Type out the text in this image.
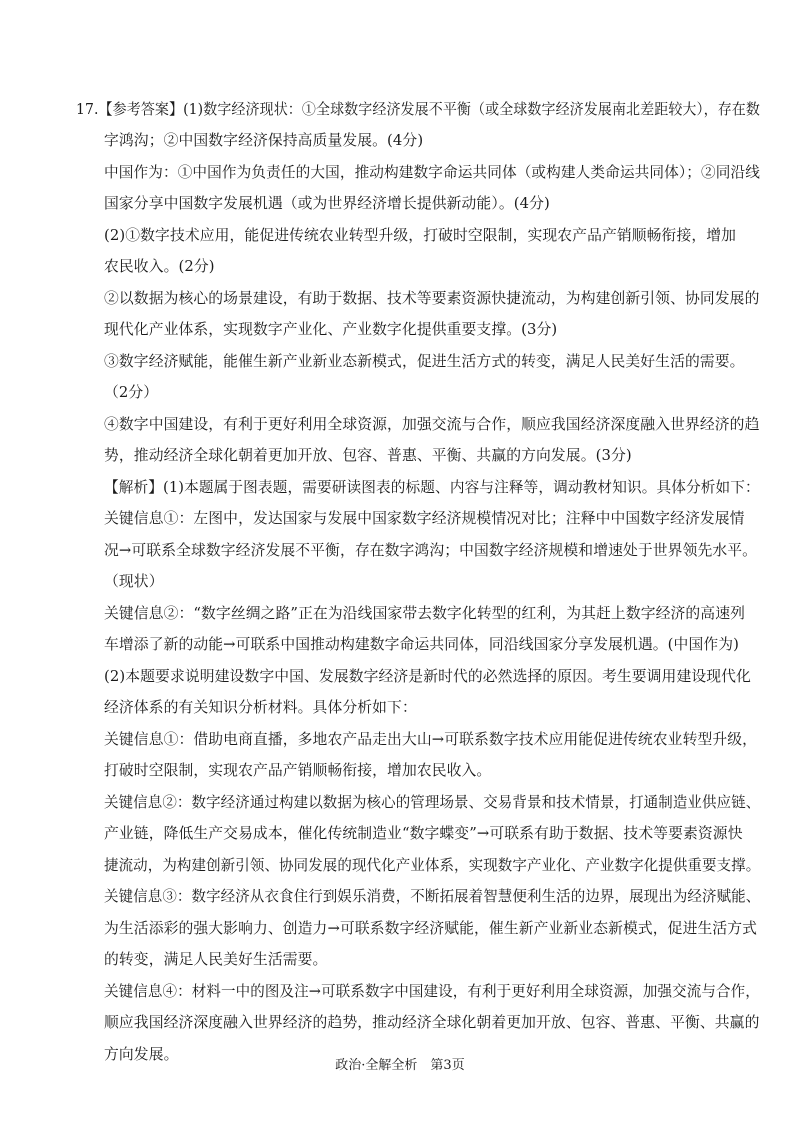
17.【参考答案】(1)数字经济现状：①全球数字经济发展不平衡（或全球数字经济发展南北差距较大），存在数
字鸿沟；②中国数字经济保持高质量发展。(4分)
中国作为：①中国作为负责任的大国，推动构建数字命运共同体（或构建人类命运共同体）；②同沿线
国家分享中国数字发展机遇（或为世界经济增长提供新动能）。(4分)
(2)①数字技术应用，能促进传统农业转型升级，打破时空限制，实现农产品产销顺畅衔接，增加
农民收入。(2分)
②以数据为核心的场景建设，有助于数据、技术等要素资源快捷流动，为构建创新引领、协同发展的
现代化产业体系，实现数字产业化、产业数字化提供重要支撑。(3分)
③数字经济赋能，能催生新产业新业态新模式，促进生活方式的转变，满足人民美好生活的需要。
（2分）
④数字中国建设，有利于更好利用全球资源，加强交流与合作，顺应我国经济深度融入世界经济的趋
势，推动经济全球化朝着更加开放、包容、普惠、平衡、共赢的方向发展。(3分)
【解析】(1)本题属于图表题，需要研读图表的标题、内容与注释等，调动教材知识。具体分析如下：
关键信息①：左图中，发达国家与发展中国家数字经济规模情况对比；注释中中国数字经济发展情
况→可联系全球数字经济发展不平衡，存在数字鸿沟；中国数字经济规模和增速处于世界领先水平。
（现状）
关键信息②：“数字丝绸之路”正在为沿线国家带去数字化转型的红利，为其赶上数字经济的高速列
车增添了新的动能→可联系中国推动构建数字命运共同体，同沿线国家分享发展机遇。(中国作为)
(2)本题要求说明建设数字中国、发展数字经济是新时代的必然选择的原因。考生要调用建设现代化
经济体系的有关知识分析材料。具体分析如下：
关键信息①：借助电商直播，多地农产品走出大山→可联系数字技术应用能促进传统农业转型升级，
打破时空限制，实现农产品产销顺畅衔接，增加农民收入。
关键信息②：数字经济通过构建以数据为核心的管理场景、交易背景和技术情景，打通制造业供应链、
产业链，降低生产交易成本，催化传统制造业“数字蝶变”→可联系有助于数据、技术等要素资源快
捷流动，为构建创新引领、协同发展的现代化产业体系，实现数字产业化、产业数字化提供重要支撑。
关键信息③：数字经济从衣食住行到娱乐消费，不断拓展着智慧便利生活的边界，展现出为经济赋能、
为生活添彩的强大影响力、创造力→可联系数字经济赋能，催生新产业新业态新模式，促进生活方式
的转变，满足人民美好生活需要。
关键信息④：材料一中的图及注→可联系数字中国建设，有利于更好利用全球资源，加强交流与合作，
顺应我国经济深度融入世界经济的趋势，推动经济全球化朝着更加开放、包容、普惠、平衡、共赢的
方向发展。
政治·全解全析　第3页
